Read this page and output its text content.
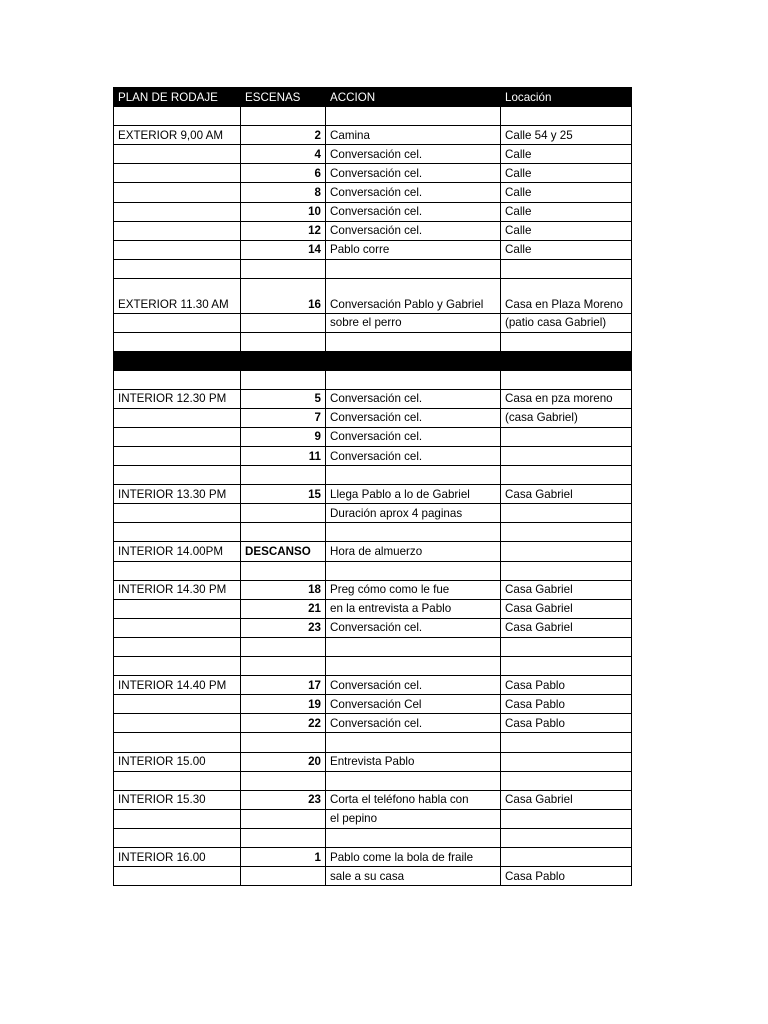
PLAN DE RODAJE	ESCENAS	ACCION	Locación

EXTERIOR 9,00 AM	2	Camina	Calle 54 y 25
	4	Conversación cel.	Calle
	6	Conversación cel.	Calle
	8	Conversación cel.	Calle
	10	Conversación cel.	Calle
	12	Conversación cel.	Calle
	14	Pablo corre	Calle

EXTERIOR 11.30 AM	16	Conversación Pablo y Gabriel	Casa en Plaza Moreno
		sobre el perro	(patio casa Gabriel)

INTERIOR 12.30 PM	5	Conversación cel.	Casa en pza moreno
	7	Conversación cel.	(casa Gabriel)
	9	Conversación cel.	
	11	Conversación cel.	

INTERIOR 13.30 PM	15	Llega Pablo a lo de Gabriel	Casa Gabriel
		Duración aprox 4 paginas	

INTERIOR 14.00PM	DESCANSO	Hora de almuerzo	

INTERIOR 14.30 PM	18	Preg cómo como le fue	Casa Gabriel
	21	en la entrevista a Pablo	Casa Gabriel
	23	Conversación cel.	Casa Gabriel

INTERIOR 14.40 PM	17	Conversación cel.	Casa Pablo
	19	Conversación Cel	Casa Pablo
	22	Conversación cel.	Casa Pablo

INTERIOR 15.00	20	Entrevista Pablo	

INTERIOR 15.30	23	Corta el teléfono habla con	Casa Gabriel
		el pepino	

INTERIOR 16.00	1	Pablo come la bola de fraile	
		sale a su casa	Casa Pablo
